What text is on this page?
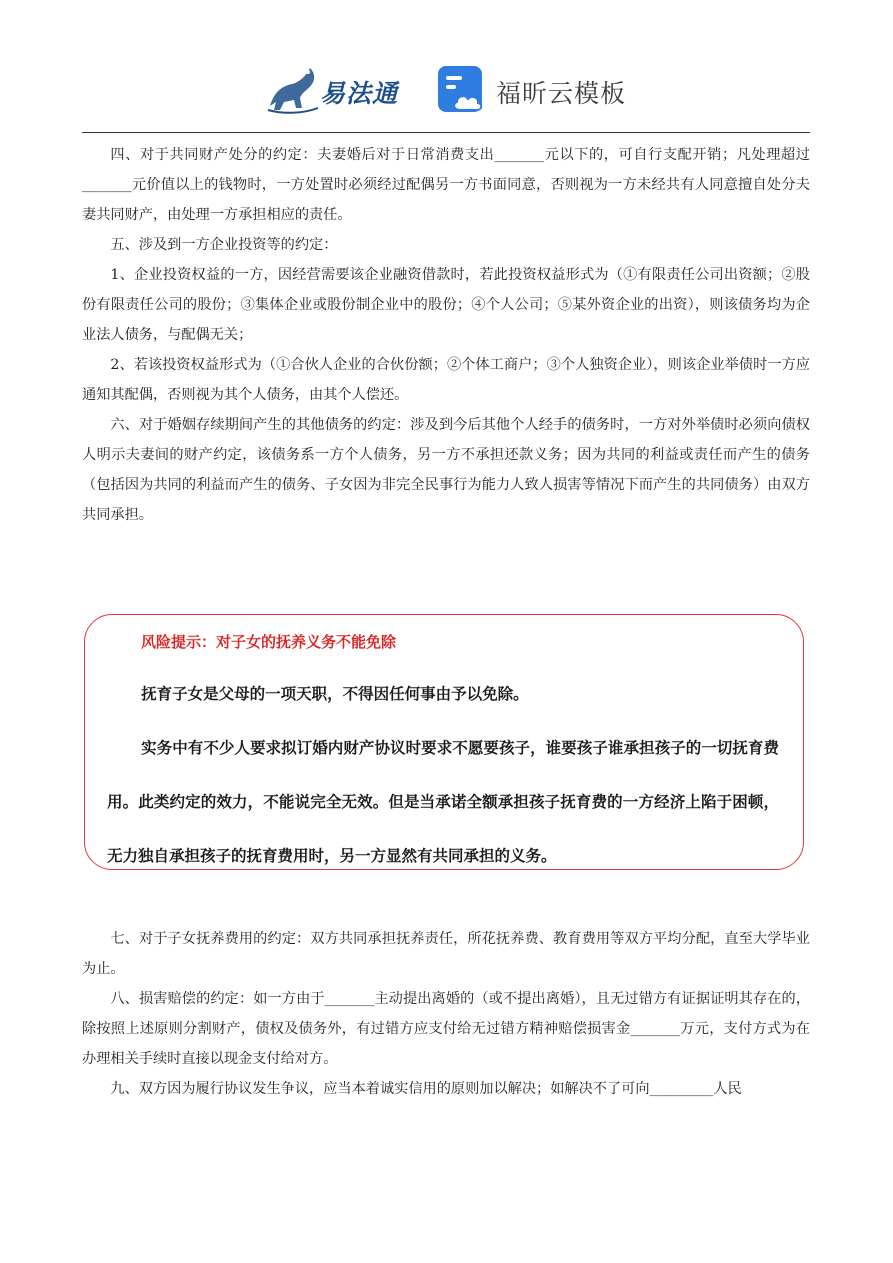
易法通	福昕云模板

四、对于共同财产处分的约定：夫妻婚后对于日常消费支出_______元以下的，可自行支配开销；凡处理超过_______元价值以上的钱物时，一方处置时必须经过配偶另一方书面同意，否则视为一方未经共有人同意擅自处分夫妻共同财产，由处理一方承担相应的责任。

五、涉及到一方企业投资等的约定：

1、企业投资权益的一方，因经营需要该企业融资借款时，若此投资权益形式为（①有限责任公司出资额；②股份有限责任公司的股份；③集体企业或股份制企业中的股份；④个人公司；⑤某外资企业的出资），则该债务均为企业法人债务，与配偶无关；

2、若该投资权益形式为（①合伙人企业的合伙份额；②个体工商户；③个人独资企业），则该企业举债时一方应通知其配偶，否则视为其个人债务，由其个人偿还。

六、对于婚姻存续期间产生的其他债务的约定：涉及到今后其他个人经手的债务时，一方对外举债时必须向债权人明示夫妻间的财产约定，该债务系一方个人债务，另一方不承担还款义务；因为共同的利益或责任而产生的债务（包括因为共同的利益而产生的债务、子女因为非完全民事行为能力人致人损害等情况下而产生的共同债务）由双方共同承担。

风险提示：对子女的抚养义务不能免除

抚育子女是父母的一项天职，不得因任何事由予以免除。

实务中有不少人要求拟订婚内财产协议时要求不愿要孩子，谁要孩子谁承担孩子的一切抚育费用。此类约定的效力，不能说完全无效。但是当承诺全额承担孩子抚育费的一方经济上陷于困顿，无力独自承担孩子的抚育费用时，另一方显然有共同承担的义务。

七、对于子女抚养费用的约定：双方共同承担抚养责任，所花抚养费、教育费用等双方平均分配，直至大学毕业为止。

八、损害赔偿的约定：如一方由于_______主动提出离婚的（或不提出离婚），且无过错方有证据证明其存在的，除按照上述原则分割财产，债权及债务外，有过错方应支付给无过错方精神赔偿损害金_______万元，支付方式为在办理相关手续时直接以现金支付给对方。

九、双方因为履行协议发生争议，应当本着诚实信用的原则加以解决；如解决不了可向_________人民
